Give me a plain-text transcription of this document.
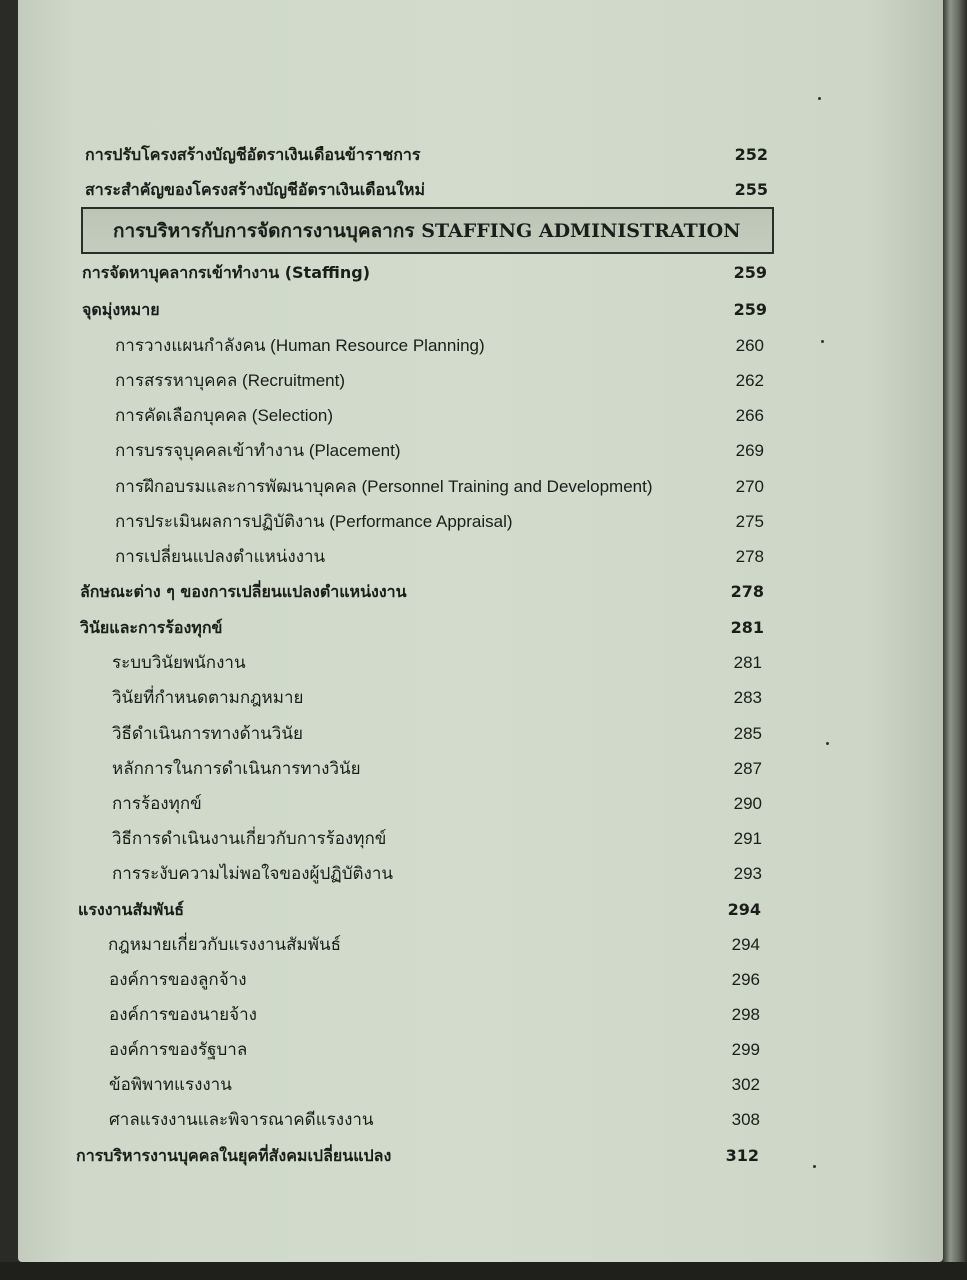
การปรับโครงสร้างบัญชีอัตราเงินเดือนข้าราชการ	252
สาระสำคัญของโครงสร้างบัญชีอัตราเงินเดือนใหม่	255
การบริหารกับการจัดการงานบุคลากร STAFFING ADMINISTRATION
การจัดหาบุคลากรเข้าทำงาน (Staffing)	259
จุดมุ่งหมาย	259
การวางแผนกำลังคน (Human Resource Planning)	260
การสรรหาบุคคล (Recruitment)	262
การคัดเลือกบุคคล (Selection)	266
การบรรจุบุคคลเข้าทำงาน (Placement)	269
การฝึกอบรมและการพัฒนาบุคคล (Personnel Training and Development)	270
การประเมินผลการปฏิบัติงาน (Performance Appraisal)	275
การเปลี่ยนแปลงตำแหน่งงาน	278
ลักษณะต่าง ๆ ของการเปลี่ยนแปลงตำแหน่งงาน	278
วินัยและการร้องทุกข์	281
ระบบวินัยพนักงาน	281
วินัยที่กำหนดตามกฎหมาย	283
วิธีดำเนินการทางด้านวินัย	285
หลักการในการดำเนินการทางวินัย	287
การร้องทุกข์	290
วิธีการดำเนินงานเกี่ยวกับการร้องทุกข์	291
การระงับความไม่พอใจของผู้ปฏิบัติงาน	293
แรงงานสัมพันธ์	294
กฎหมายเกี่ยวกับแรงงานสัมพันธ์	294
องค์การของลูกจ้าง	296
องค์การของนายจ้าง	298
องค์การของรัฐบาล	299
ข้อพิพาทแรงงาน	302
ศาลแรงงานและพิจารณาคดีแรงงาน	308
การบริหารงานบุคคลในยุคที่สังคมเปลี่ยนแปลง	312
